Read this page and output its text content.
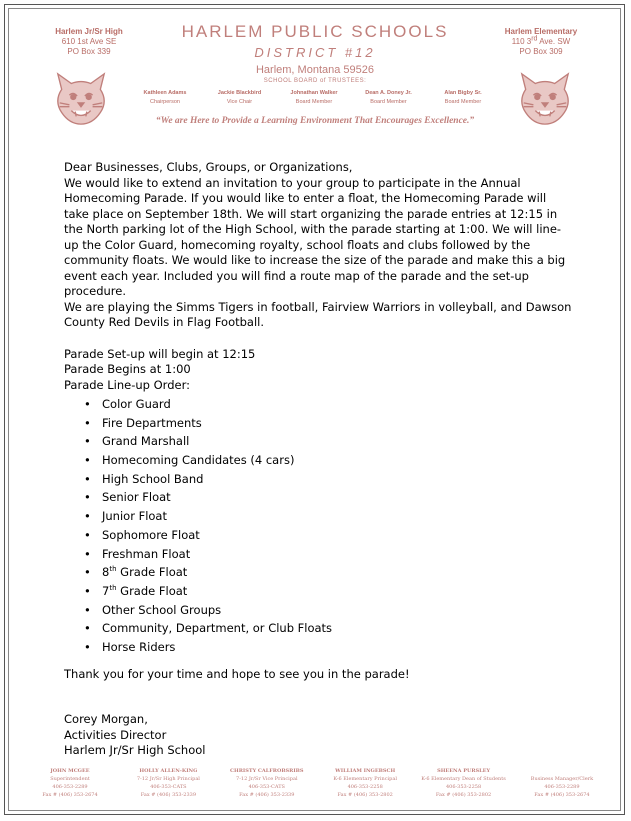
Harlem Jr/Sr High
610 1st Ave SE
PO Box 339
Harlem Elementary
110 3rd Ave. SW
PO Box 309
HARLEM PUBLIC SCHOOLS
DISTRICT #12
Harlem, Montana 59526
SCHOOL BOARD of TRUSTEES:
Kathleen Adams
Chairperson
Jackie Blackbird
Vice Chair
Johnathan Walker
Board Member
Dean A. Doney Jr.
Board Member
Alan Bigby Sr.
Board Member
“We are Here to Provide a Learning Environment That Encourages Excellence.”

Dear Businesses, Clubs, Groups, or Organizations,

We would like to extend an invitation to your group to participate in the Annual Homecoming Parade. If you would like to enter a float, the Homecoming Parade will take place on September 18th. We will start organizing the parade entries at 12:15 in the North parking lot of the High School, with the parade starting at 1:00. We will line-up the Color Guard, homecoming royalty, school floats and clubs followed by the community floats. We would like to increase the size of the parade and make this a big event each year. Included you will find a route map of the parade and the set-up procedure.

We are playing the Simms Tigers in football, Fairview Warriors in volleyball, and Dawson County Red Devils in Flag Football.

Parade Set-up will begin at 12:15

Parade Begins at 1:00

Parade Line-up Order:

• Color Guard
• Fire Departments
• Grand Marshall
• Homecoming Candidates (4 cars)
• High School Band
• Senior Float
• Junior Float
• Sophomore Float
• Freshman Float
• 8th Grade Float
• 7th Grade Float
• Other School Groups
• Community, Department, or Club Floats
• Horse Riders

Thank you for your time and hope to see you in the parade!

Corey Morgan,

Activities Director

Harlem Jr/Sr High School

JOHN MCGEE
Superintendent
406-353-2289
Fax # (406) 353-2674
HOLLY ALLEN-KING
7-12 Jr/Sr High Principal
406-353-CATS
Fax # (406) 353-2339
CHRISTY CALFROBSRIBS
7-12 Jr/Sr Vice Principal
406-353-CATS
Fax # (406) 353-2339
WILLIAM INGEBSCH
K-6 Elementary Principal
406-353-2258
Fax # (406) 353-2802
SHEENA PURSLEY
K-6 Elementary Dean of Students
406-353-2258
Fax # (406) 353-2802
Business Manager/Clerk
406-353-2289
Fax # (406) 353-2674
